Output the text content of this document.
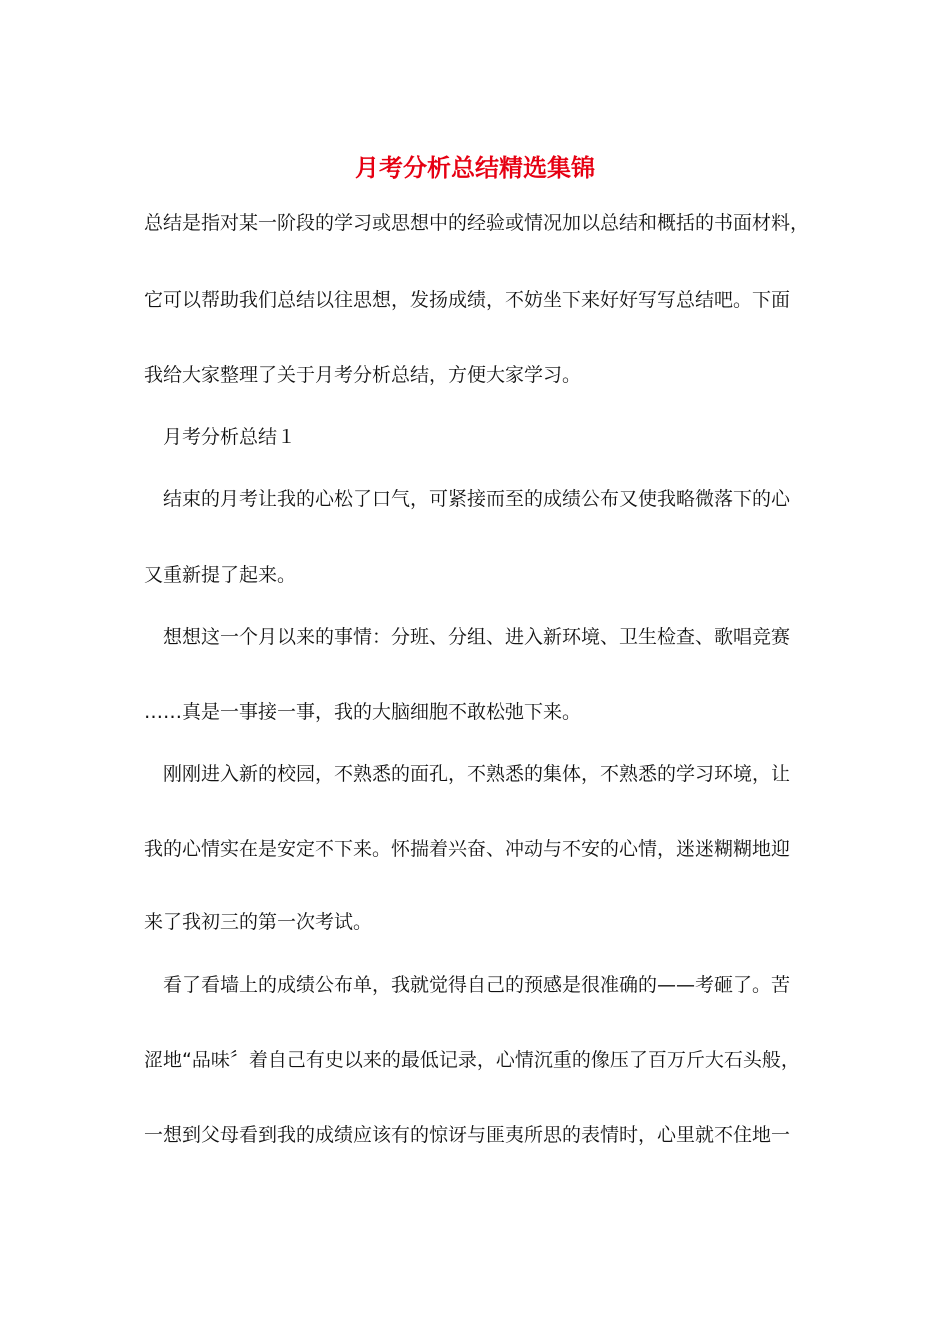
月考分析总结精选集锦
总结是指对某一阶段的学习或思想中的经验或情况加以总结和概括的书面材料，
它可以帮助我们总结以往思想，发扬成绩，不妨坐下来好好写写总结吧。下面
我给大家整理了关于月考分析总结，方便大家学习。
月考分析总结１
结束的月考让我的心松了口气，可紧接而至的成绩公布又使我略微落下的心
又重新提了起来。
想想这一个月以来的事情：分班、分组、进入新环境、卫生检查、歌唱竞赛
……真是一事接一事，我的大脑细胞不敢松弛下来。
刚刚进入新的校园，不熟悉的面孔，不熟悉的集体，不熟悉的学习环境，让
我的心情实在是安定不下来。怀揣着兴奋、冲动与不安的心情，迷迷糊糊地迎
来了我初三的第一次考试。
看了看墙上的成绩公布单，我就觉得自己的预感是很准确的——考砸了。苦
涩地“品味〞着自己有史以来的最低记录，心情沉重的像压了百万斤大石头般，
一想到父母看到我的成绩应该有的惊讶与匪夷所思的表情时，心里就不住地一
